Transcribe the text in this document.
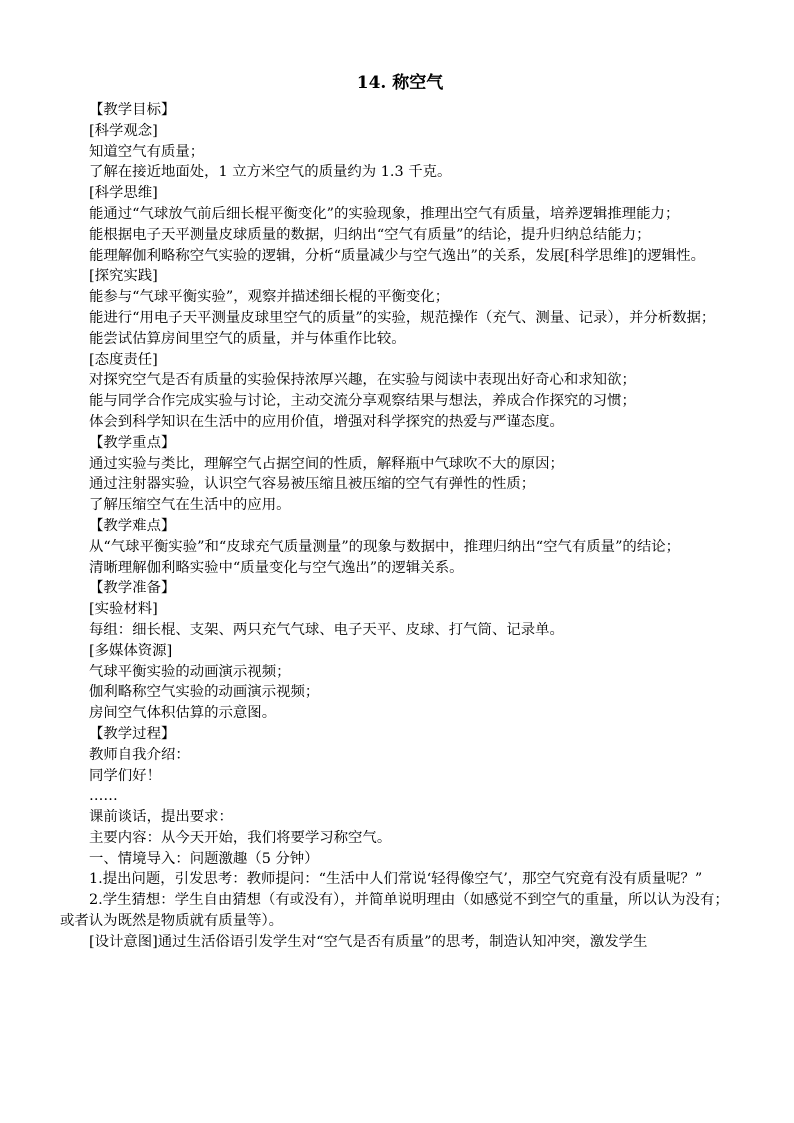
14. 称空气

【教学目标】

[科学观念]

知道空气有质量；

了解在接近地面处，1 立方米空气的质量约为 1.3 千克。

[科学思维]

能通过“气球放气前后细长棍平衡变化”的实验现象，推理出空气有质量，培养逻辑推理能力；

能根据电子天平测量皮球质量的数据，归纳出“空气有质量”的结论，提升归纳总结能力；

能理解伽利略称空气实验的逻辑，分析“质量减少与空气逸出”的关系，发展[科学思维]的逻辑性。

[探究实践]

能参与“气球平衡实验”，观察并描述细长棍的平衡变化；

能进行“用电子天平测量皮球里空气的质量”的实验，规范操作（充气、测量、记录），并分析数据；

能尝试估算房间里空气的质量，并与体重作比较。

[态度责任]

对探究空气是否有质量的实验保持浓厚兴趣，在实验与阅读中表现出好奇心和求知欲；

能与同学合作完成实验与讨论，主动交流分享观察结果与想法，养成合作探究的习惯；

体会到科学知识在生活中的应用价值，增强对科学探究的热爱与严谨态度。

【教学重点】

通过实验与类比，理解空气占据空间的性质，解释瓶中气球吹不大的原因；

通过注射器实验，认识空气容易被压缩且被压缩的空气有弹性的性质；

了解压缩空气在生活中的应用。

【教学难点】

从“气球平衡实验”和“皮球充气质量测量”的现象与数据中，推理归纳出“空气有质量”的结论；

清晰理解伽利略实验中“质量变化与空气逸出”的逻辑关系。

【教学准备】

[实验材料]

每组：细长棍、支架、两只充气气球、电子天平、皮球、打气筒、记录单。

[多媒体资源]

气球平衡实验的动画演示视频；

伽利略称空气实验的动画演示视频；

房间空气体积估算的示意图。

【教学过程】

教师自我介绍：

同学们好！

……

课前谈话，提出要求：

主要内容：从今天开始，我们将要学习称空气。

一、情境导入：问题激趣（5 分钟）

1.提出问题，引发思考：教师提问：“生活中人们常说‘轻得像空气’，那空气究竟有没有质量呢？”

2.学生猜想：学生自由猜想（有或没有），并简单说明理由（如感觉不到空气的重量，所以认为没有；或者认为既然是物质就有质量等）。

[设计意图]通过生活俗语引发学生对“空气是否有质量”的思考，制造认知冲突，激发学生
